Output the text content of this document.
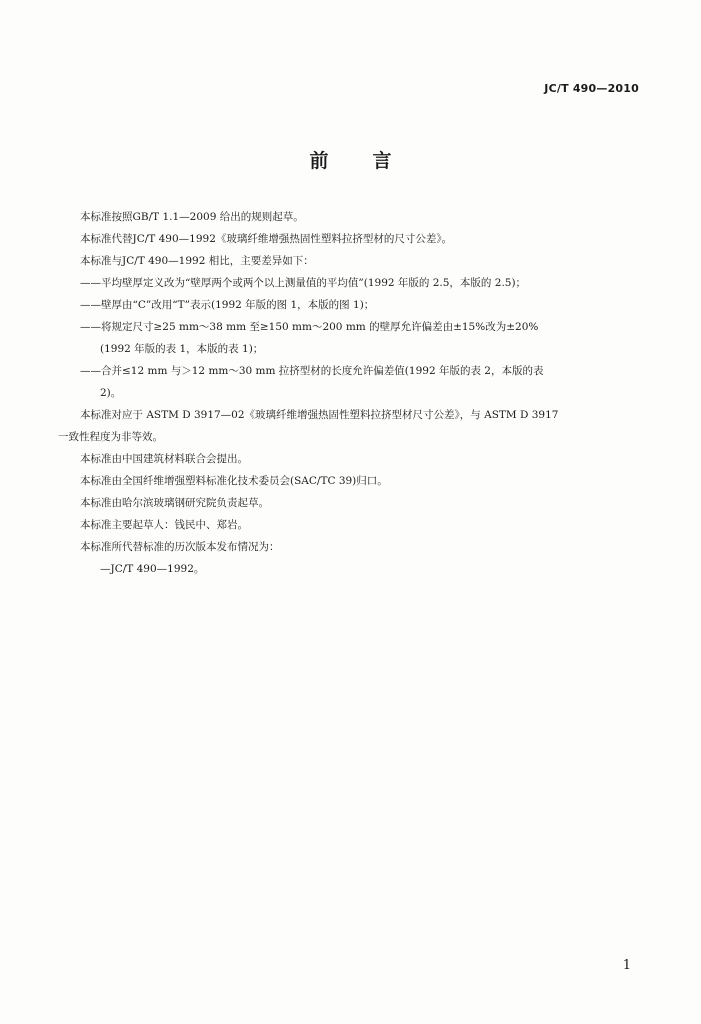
JC/T 490—2010
前言
本标准按照GB/T 1.1—2009 给出的规则起草。
本标准代替JC/T 490—1992《玻璃纤维增强热固性塑料拉挤型材的尺寸公差》。
本标准与JC/T 490—1992 相比，主要差异如下：
——平均壁厚定义改为“壁厚两个或两个以上测量值的平均值”(1992 年版的 2.5，本版的 2.5)；
——壁厚由“C”改用“T”表示(1992 年版的图 1，本版的图 1)；
——将规定尺寸≥25 mm～38 mm 至≥150 mm～200 mm 的壁厚允许偏差由±15%改为±20%
(1992 年版的表 1，本版的表 1)；
——合并≤12 mm 与＞12 mm～30 mm 拉挤型材的长度允许偏差值(1992 年版的表 2，本版的表
2)。
本标准对应于 ASTM D 3917—02《玻璃纤维增强热固性塑料拉挤型材尺寸公差》，与 ASTM D 3917
一致性程度为非等效。
本标准由中国建筑材料联合会提出。
本标准由全国纤维增强塑料标准化技术委员会(SAC/TC 39)归口。
本标准由哈尔滨玻璃钢研究院负责起草。
本标准主要起草人：钱民中、郑岩。
本标准所代替标准的历次版本发布情况为：
—JC/T 490—1992。
1
